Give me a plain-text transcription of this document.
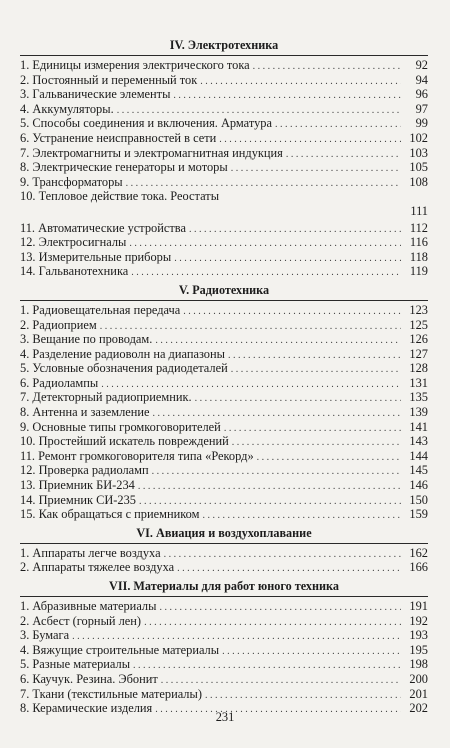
IV. Электротехника
1. Единицы измерения электрического тока . . .	92
2. Постоянный и переменный ток . . .	94
3. Гальванические элементы . . .	96
4. Аккумуляторы. . . .	97
5. Способы соединения и включения. Арматура . . .	99
6. Устранение неисправностей в сети . . .	102
7. Электромагниты и электромагнитная индукция . . .	103
8. Электрические генераторы и моторы . . .	105
9. Трансформаторы . . .	108
10. Тепловое действие тока. Реостаты
111
11. Автоматические устройства . . .	112
12. Электросигналы . . .	116
13. Измерительные приборы . . .	118
14. Гальванотехника . . .	119
V. Радиотехника
1. Радиовещательная передача . . .	123
2. Радиоприем . . .	125
3. Вещание по проводам. . . .	126
4. Разделение радиоволн на диапазоны . . .	127
5. Условные обозначения радиодеталей . . .	128
6. Радиолампы . . .	131
7. Детекторный радиоприемник. . . .	135
8. Антенна и заземление . . .	139
9. Основные типы громкоговорителей . . .	141
10. Простейший искатель повреждений . . .	143
11. Ремонт громкоговорителя типа «Рекорд» . . .	144
12. Проверка радиоламп . . .	145
13. Приемник БИ-234 . . .	146
14. Приемник СИ-235 . . .	150
15. Как обращаться с приемником . . .	159
VI. Авиация и воздухоплавание
1. Аппараты легче воздуха . . .	162
2. Аппараты тяжелее воздуха . . .	166
VII. Материалы для работ юного техника
1. Абразивные материалы . . .	191
2. Асбест (горный лен) . . .	192
3. Бумага . . .	193
4. Вяжущие строительные материалы . . .	195
5. Разные материалы . . .	198
6. Каучук. Резина. Эбонит . . .	200
7. Ткани (текстильные материалы) . . .	201
8. Керамические изделия . . .	202
231
